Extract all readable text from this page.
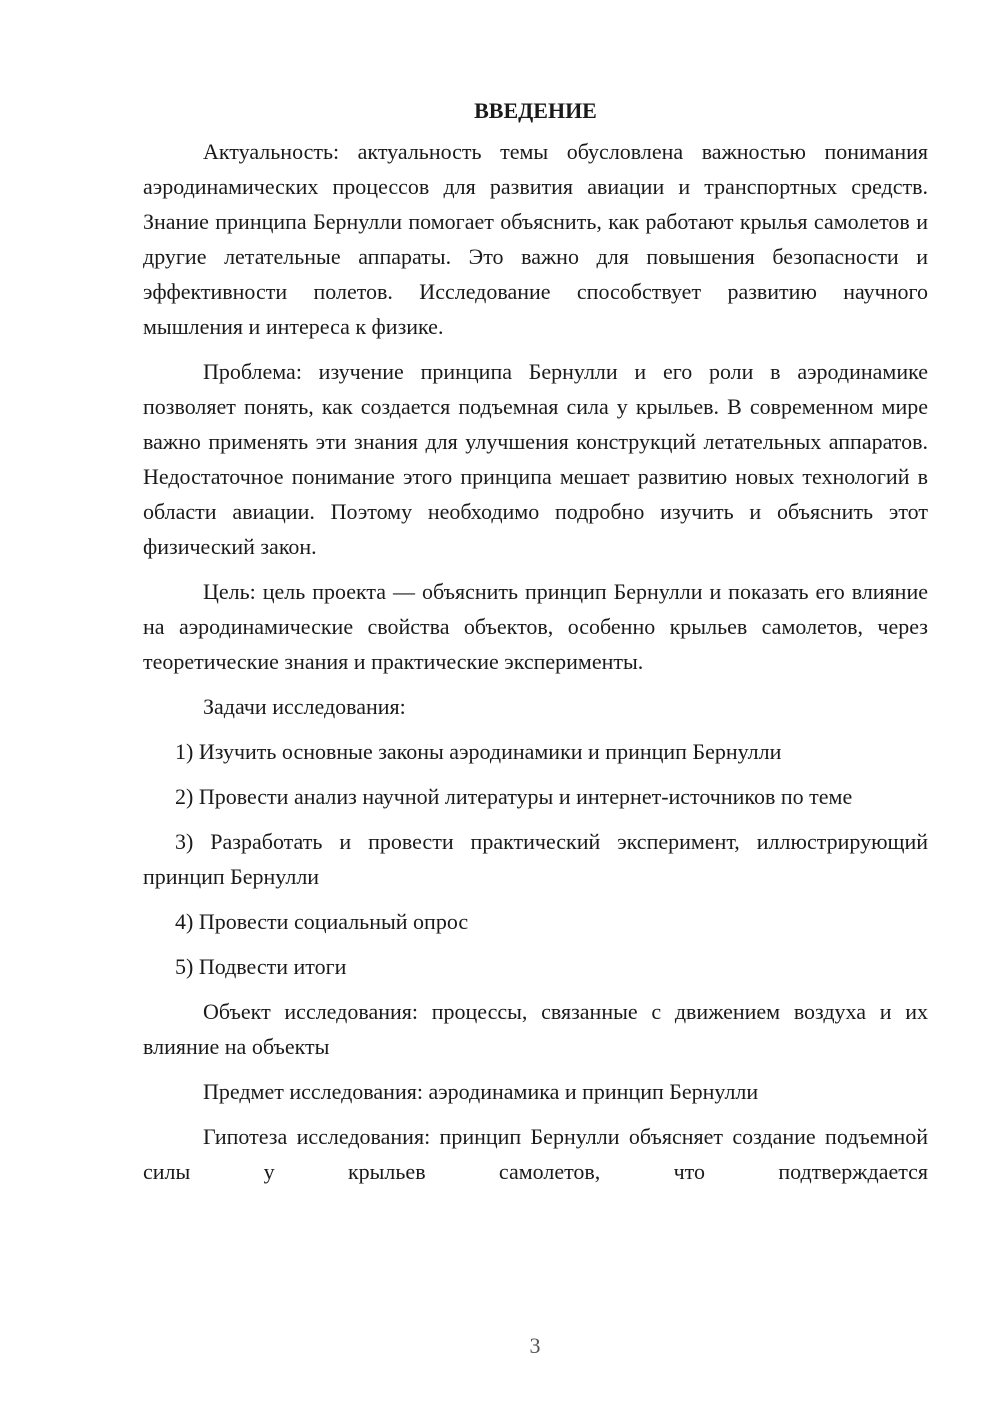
ВВЕДЕНИЕ

Актуальность: актуальность темы обусловлена важностью понимания аэродинамических процессов для развития авиации и транспортных средств. Знание принципа Бернулли помогает объяснить, как работают крылья самолетов и другие летательные аппараты. Это важно для повышения безопасности и эффективности полетов. Исследование способствует развитию научного мышления и интереса к физике.

Проблема: изучение принципа Бернулли и его роли в аэродинамике позволяет понять, как создается подъемная сила у крыльев. В современном мире важно применять эти знания для улучшения конструкций летательных аппаратов. Недостаточное понимание этого принципа мешает развитию новых технологий в области авиации. Поэтому необходимо подробно изучить и объяснить этот физический закон.

Цель: цель проекта — объяснить принцип Бернулли и показать его влияние на аэродинамические свойства объектов, особенно крыльев самолетов, через теоретические знания и практические эксперименты.

Задачи исследования:

1) Изучить основные законы аэродинамики и принцип Бернулли

2) Провести анализ научной литературы и интернет-источников по теме

3) Разработать и провести практический эксперимент, иллюстрирующий принцип Бернулли

4) Провести социальный опрос

5) Подвести итоги

Объект исследования: процессы, связанные с движением воздуха и их влияние на объекты

Предмет исследования: аэродинамика и принцип Бернулли

Гипотеза исследования: принцип Бернулли объясняет создание подъемной силы у крыльев самолетов, что подтверждается

3
